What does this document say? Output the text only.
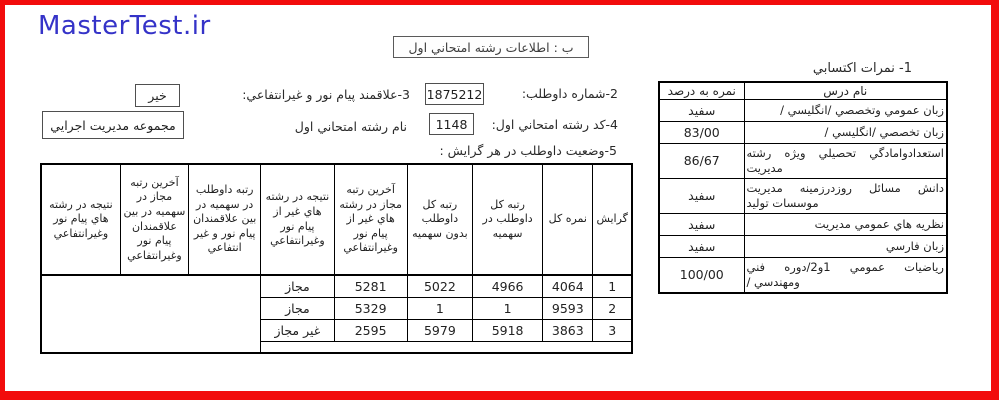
MasterTest.ir
ب : اطلاعات رشته امتحاني اول
2-شماره داوطلب:
1875212
3-علاقمند پيام نور و غيرانتفاعي:
خير
4-كد رشته امتحاني اول:
1148
نام رشته امتحاني اول
مجموعه مديريت اجرايي
5-وضعيت داوطلب در هر گرايش :
1- نمرات اكتسابي
نام درس	نمره به درصد
زبان عمومي وتخصصي /انگليسي /	سفيد
زبان تخصصي /انگليسي /	83/00
استعدادوامادگي تحصيلي ويژه رشته مديريت	86/67
دانش مسائل روزدرزمينه مديريت موسسات توليد	سفيد
نظريه هاي عمومي مديريت	سفيد
زبان فارسي	سفيد
رياضيات عمومي 1و2/دوره فني ومهندسي /	100/00
گرايش	نمره كل	رتبه كل داوطلب در سهميه	رتبه كل داوطلب بدون سهميه	آخرين رتبه مجاز در رشته هاي غير از پيام نور وغيرانتفاعي	نتيجه در رشته هاي غير از پيام نور وغيرانتفاعي	رتبه داوطلب در سهميه در بين علاقمندان پيام نور و غير انتفاعي	آخرين رتبه مجاز در سهميه در بين علاقمندان پيام نور وغيرانتفاعي	نتيجه در رشته هاي پيام نور وغيرانتفاعي
1	4064	4966	5022	5281	مجاز			
2	9593	1	1	5329	مجاز			
3	3863	5918	5979	2595	غير مجاز			
